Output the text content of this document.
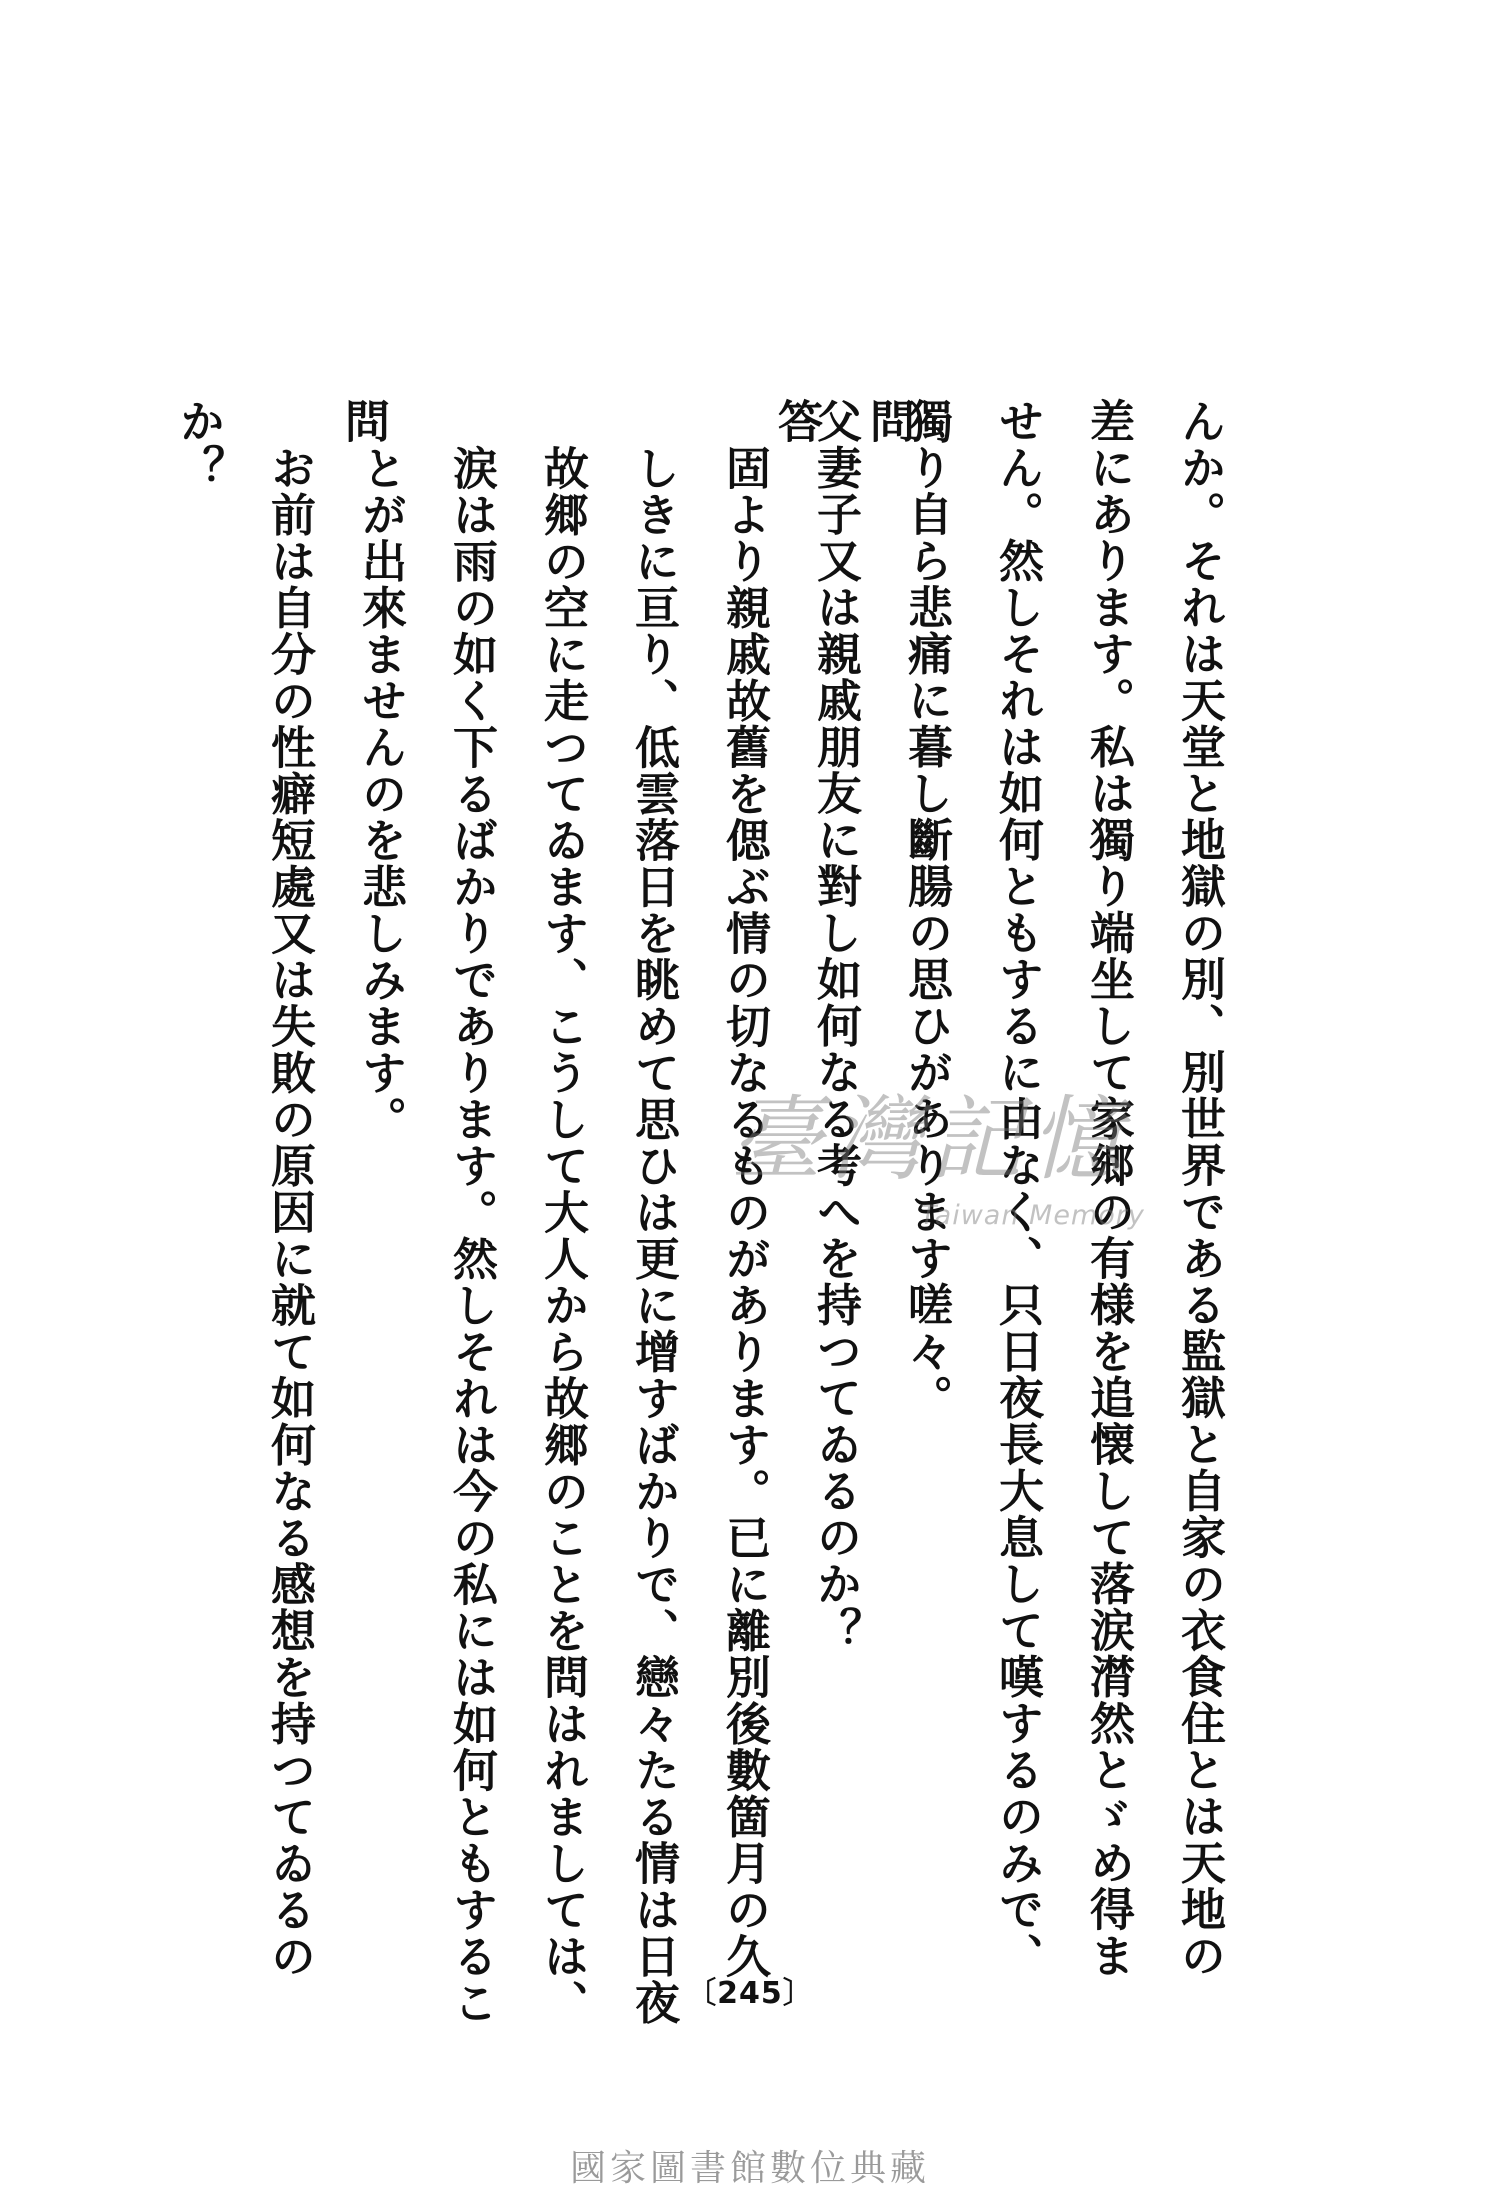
問
答
問	んか。それは天堂と地獄の別、別世界である監獄と自家の衣食住とは天地の
差にあります。私は獨り端坐して家郷の有様を追懐して落涙潸然とゞめ得ま
せん。然しそれは如何ともするに由なく、只日夜長大息して嘆するのみで、
獨り自ら悲痛に暮し斷腸の思ひがあります嗟々。
父妻子又は親戚朋友に對し如何なる考へを持つてゐるのか？
固より親戚故舊を偲ぶ情の切なるものがあります。已に離別後數箇月の久
しきに亘り、低雲落日を眺めて思ひは更に增すばかりで、戀々たる情は日夜
故郷の空に走つてゐます、こうして大人から故郷のことを問はれましては、
涙は雨の如く下るばかりであります。然しそれは今の私には如何ともするこ
とが出來ませんのを悲しみます。
お前は自分の性癖短處又は失敗の原因に就て如何なる感想を持つてゐるの
か？
臺灣記憶
Taiwan Memory
〔245〕
國家圖書館數位典藏
